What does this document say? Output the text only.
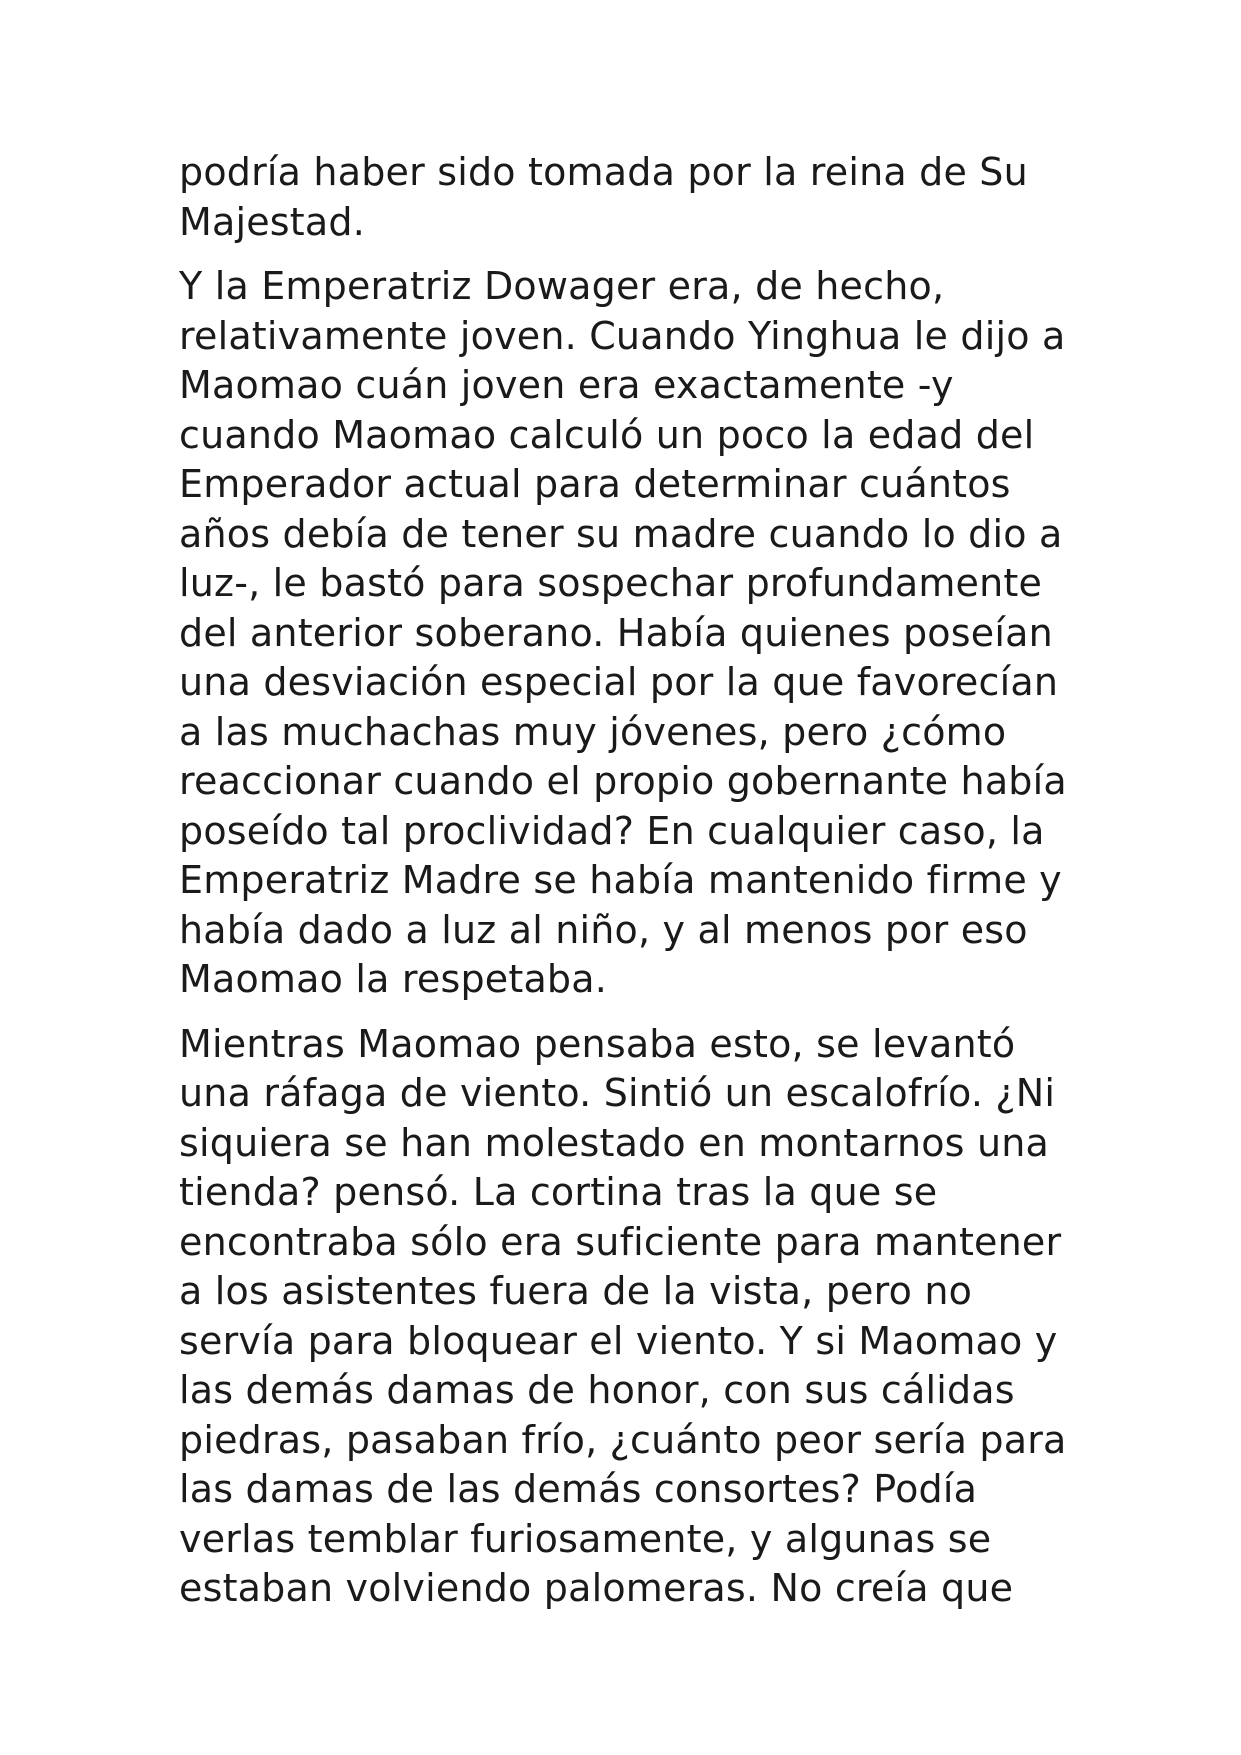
podría haber sido tomada por la reina de Su
Majestad.

Y la Emperatriz Dowager era, de hecho,
relativamente joven. Cuando Yinghua le dijo a
Maomao cuán joven era exactamente -y
cuando Maomao calculó un poco la edad del
Emperador actual para determinar cuántos
años debía de tener su madre cuando lo dio a
luz-, le bastó para sospechar profundamente
del anterior soberano. Había quienes poseían
una desviación especial por la que favorecían
a las muchachas muy jóvenes, pero ¿cómo
reaccionar cuando el propio gobernante había
poseído tal proclividad? En cualquier caso, la
Emperatriz Madre se había mantenido firme y
había dado a luz al niño, y al menos por eso
Maomao la respetaba.

Mientras Maomao pensaba esto, se levantó
una ráfaga de viento. Sintió un escalofrío. ¿Ni
siquiera se han molestado en montarnos una
tienda? pensó. La cortina tras la que se
encontraba sólo era suficiente para mantener
a los asistentes fuera de la vista, pero no
servía para bloquear el viento. Y si Maomao y
las demás damas de honor, con sus cálidas
piedras, pasaban frío, ¿cuánto peor sería para
las damas de las demás consortes? Podía
verlas temblar furiosamente, y algunas se
estaban volviendo palomeras. No creía que
